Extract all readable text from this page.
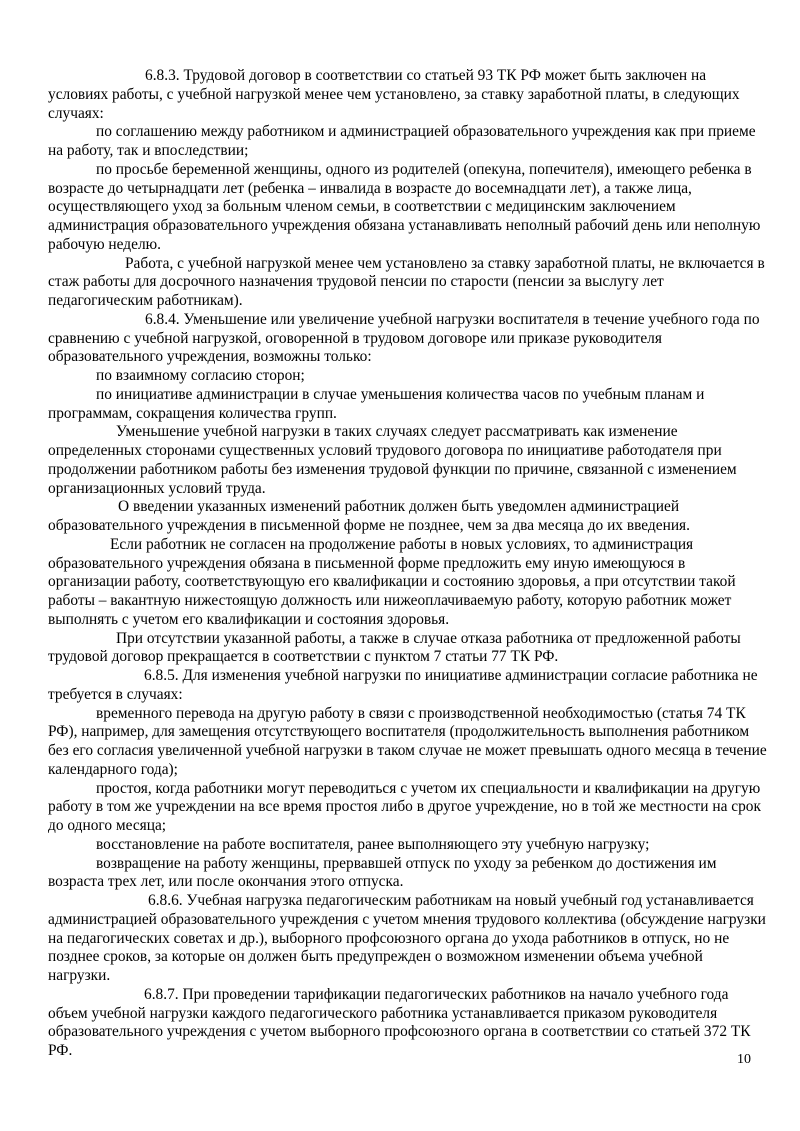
6.8.3. Трудовой договор в соответствии со статьей 93 ТК РФ может быть заключен на условиях работы, с учебной нагрузкой менее чем установлено, за ставку заработной платы, в следующих случаях:

по соглашению между работником и администрацией образовательного учреждения как при приеме на работу, так и впоследствии;

по просьбе беременной женщины, одного из родителей (опекуна, попечителя), имеющего ребенка в возрасте до четырнадцати лет (ребенка – инвалида в возрасте до восемнадцати лет), а также лица, осуществляющего уход за больным членом семьи, в соответствии с медицинским заключением администрация образовательного учреждения обязана устанавливать неполный рабочий день или неполную рабочую неделю.

Работа, с учебной нагрузкой менее чем установлено за ставку заработной платы, не включается в стаж работы для досрочного назначения трудовой пенсии по старости (пенсии за выслугу лет педагогическим работникам).

6.8.4. Уменьшение или увеличение учебной нагрузки воспитателя в течение учебного года по сравнению с учебной нагрузкой, оговоренной в трудовом договоре или приказе руководителя образовательного учреждения, возможны только:

по взаимному согласию сторон;

по инициативе администрации в случае уменьшения количества часов по учебным планам и программам, сокращения количества групп.

Уменьшение учебной нагрузки в таких случаях следует рассматривать как изменение определенных сторонами существенных условий трудового договора по инициативе работодателя при продолжении работником работы без изменения трудовой функции по причине, связанной с изменением организационных условий труда.

О введении указанных изменений работник должен быть уведомлен администрацией образовательного учреждения в письменной форме не позднее, чем за два месяца до их введения.

Если работник не согласен на продолжение работы в новых условиях, то администрация образовательного учреждения обязана в письменной форме предложить ему иную имеющуюся в организации работу, соответствующую его квалификации и состоянию здоровья, а при отсутствии такой работы – вакантную нижестоящую должность или нижеоплачиваемую работу, которую работник может выполнять с учетом его квалификации и состояния здоровья.

При отсутствии указанной работы, а также в случае отказа работника от предложенной работы трудовой договор прекращается в соответствии с пунктом 7 статьи 77 ТК РФ.

6.8.5. Для изменения учебной нагрузки по инициативе администрации согласие работника не требуется в случаях:

временного перевода на другую работу в связи с производственной необходимостью (статья 74 ТК РФ), например, для замещения отсутствующего воспитателя (продолжительность выполнения работником без его согласия увеличенной учебной нагрузки в таком случае не может превышать одного месяца в течение календарного года);

простоя, когда работники могут переводиться с учетом их специальности и квалификации на другую работу в том же учреждении на все время простоя либо в другое учреждение, но в той же местности на срок до одного месяца;

восстановление на работе воспитателя, ранее выполняющего эту учебную нагрузку;

возвращение на работу женщины, прервавшей отпуск по уходу за ребенком до достижения им возраста трех лет, или после окончания этого отпуска.

6.8.6. Учебная нагрузка педагогическим работникам на новый учебный год устанавливается администрацией образовательного учреждения с учетом мнения трудового коллектива (обсуждение нагрузки на педагогических советах и др.), выборного профсоюзного органа до ухода работников в отпуск, но не позднее сроков, за которые он должен быть предупрежден о возможном изменении объема учебной нагрузки.

6.8.7. При проведении тарификации педагогических работников на начало учебного года объем учебной нагрузки каждого педагогического работника устанавливается приказом руководителя образовательного учреждения с учетом выборного профсоюзного органа в соответствии со статьей 372 ТК РФ.

10
